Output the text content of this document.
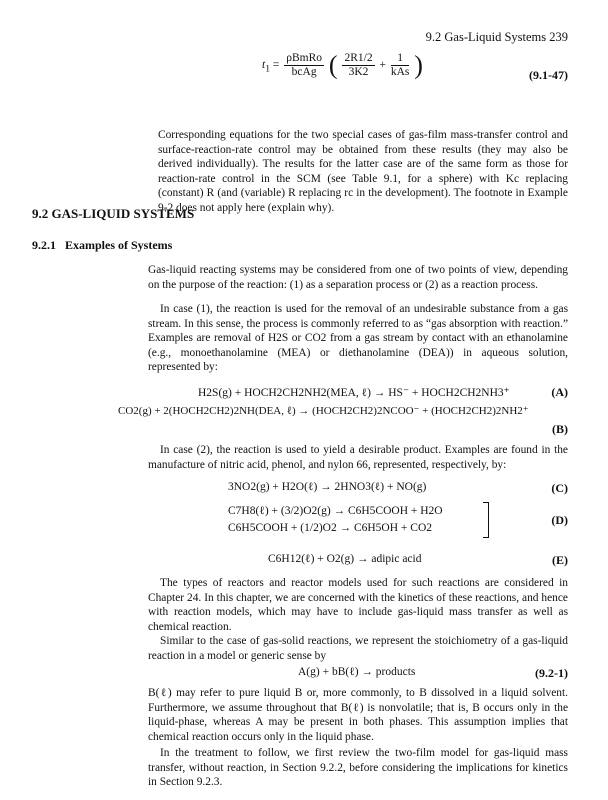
9.2 Gas-Liquid Systems 239
$t_1 = \frac{\text{ρBmRo}}{\text{bcAg}}$ ( $\frac{2R1/2}{3K2} + \frac{1}{\text{kAs}}$ )	(9.1-47)

Corresponding equations for the two special cases of gas-film mass-transfer control and surface-reaction-rate control may be obtained from these results (they may also be derived individually). The results for the latter case are of the same form as those for reaction-rate control in the SCM (see Table 9.1, for a sphere) with Kc replacing (constant) R (and (variable) R replacing rc in the development). The footnote in Example 9-2 does not apply here (explain why).

9.2 GAS-LIQUID SYSTEMS
9.2.1 Examples of Systems

Gas-liquid reacting systems may be considered from one of two points of view, depending on the purpose of the reaction: (1) as a separation process or (2) as a reaction process.

In case (1), the reaction is used for the removal of an undesirable substance from a gas stream. In this sense, the process is commonly referred to as “gas absorption with reaction.” Examples are removal of H2S or CO2 from a gas stream by contact with an ethanolamine (e.g., monoethanolamine (MEA) or diethanolamine (DEA)) in aqueous solution, represented by:

H2S(g) + HOCH2CH2NH2(MEA, ℓ) → HS⁻ + HOCH2CH2NH3⁺	(A)
CO2(g) + 2(HOCH2CH2)2NH(DEA, ℓ) → (HOCH2CH2)2NCOO⁻ + (HOCH2CH2)2NH2⁺
(B)

In case (2), the reaction is used to yield a desirable product. Examples are found in the manufacture of nitric acid, phenol, and nylon 66, represented, respectively, by:

3NO2(g) + H2O(ℓ) → 2HNO3(ℓ) + NO(g)	(C)
C7H8(ℓ) + (3/2)O2(g) → C6H5COOH + H2O
C6H5COOH + (1/2)O2 → C6H5OH + CO2
(D)
C6H12(ℓ) + O2(g) → adipic acid	(E)

The types of reactors and reactor models used for such reactions are considered in Chapter 24. In this chapter, we are concerned with the kinetics of these reactions, and hence with reaction models, which may have to include gas-liquid mass transfer as well as chemical reaction.

Similar to the case of gas-solid reactions, we represent the stoichiometry of a gas-liquid reaction in a model or generic sense by

A(g) + bB(ℓ) → products	(9.2-1)

B(ℓ) may refer to pure liquid B or, more commonly, to B dissolved in a liquid solvent. Furthermore, we assume throughout that B(ℓ) is nonvolatile; that is, B occurs only in the liquid-phase, whereas A may be present in both phases. This assumption implies that chemical reaction occurs only in the liquid phase.

In the treatment to follow, we first review the two-film model for gas-liquid mass transfer, without reaction, in Section 9.2.2, before considering the implications for kinetics in Section 9.2.3.
